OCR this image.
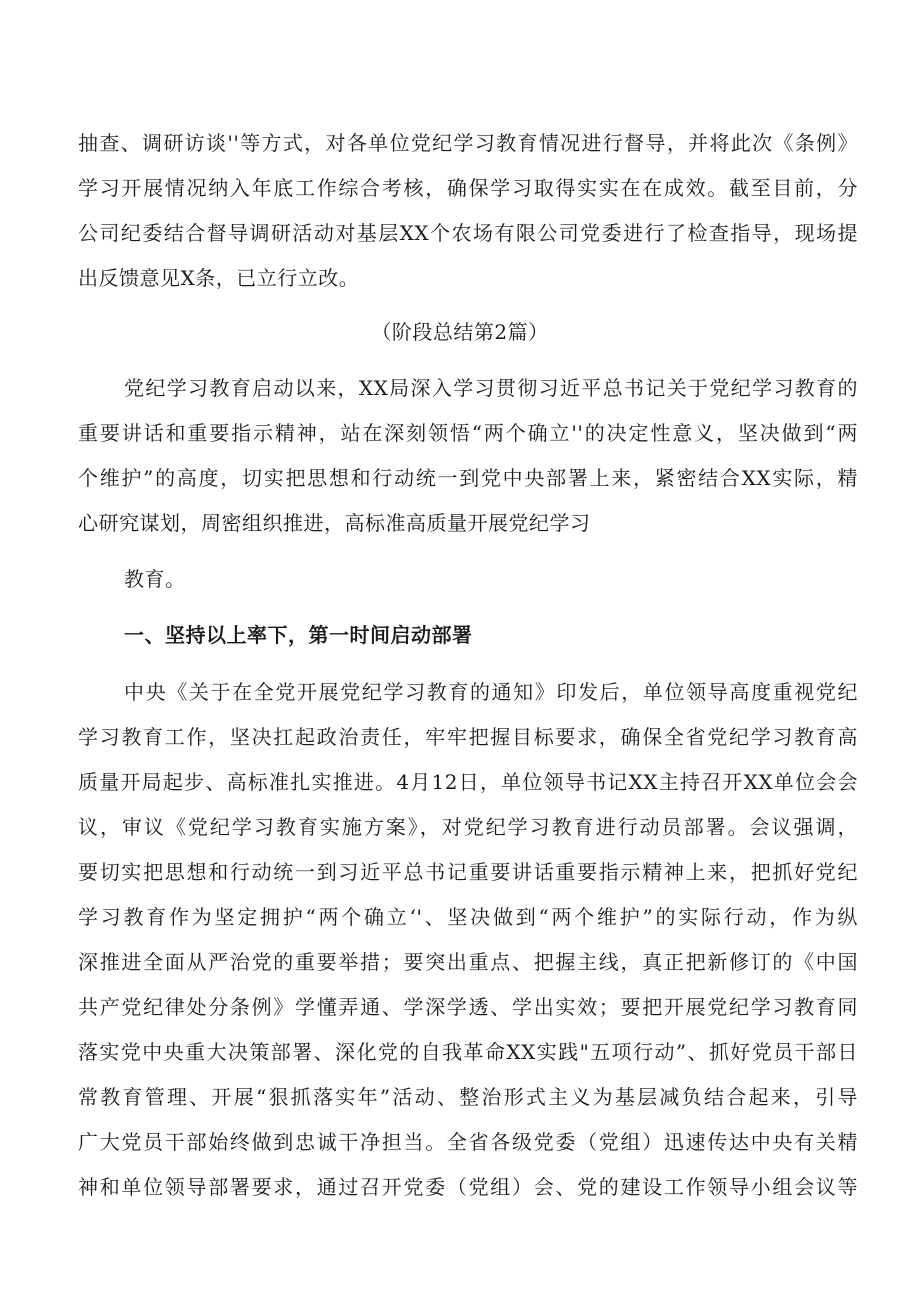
抽查、调研访谈''等方式，对各单位党纪学习教育情况进行督导，并将此次《条例》
学习开展情况纳入年底工作综合考核，确保学习取得实实在在成效。截至目前，分
公司纪委结合督导调研活动对基层XX个农场有限公司党委进行了检查指导，现场提
出反馈意见X条，已立行立改。
（阶段总结第2篇）
党纪学习教育启动以来，XX局深入学习贯彻习近平总书记关于党纪学习教育的
重要讲话和重要指示精神，站在深刻领悟“两个确立''的决定性意义，坚决做到“两
个维护”的高度，切实把思想和行动统一到党中央部署上来，紧密结合XX实际，精
心研究谋划，周密组织推进，高标准高质量开展党纪学习
教育。
一、坚持以上率下，第一时间启动部署
中央《关于在全党开展党纪学习教育的通知》印发后，单位领导高度重视党纪
学习教育工作，坚决扛起政治责任，牢牢把握目标要求，确保全省党纪学习教育高
质量开局起步、高标准扎实推进。4月12日，单位领导书记XX主持召开XX单位会会
议，审议《党纪学习教育实施方案》，对党纪学习教育进行动员部署。会议强调，
要切实把思想和行动统一到习近平总书记重要讲话重要指示精神上来，把抓好党纪
学习教育作为坚定拥护“两个确立‘'、坚决做到“两个维护”的实际行动，作为纵
深推进全面从严治党的重要举措；要突出重点、把握主线，真正把新修订的《中国
共产党纪律处分条例》学懂弄通、学深学透、学出实效；要把开展党纪学习教育同
落实党中央重大决策部署、深化党的自我革命XX实践"五项行动”、抓好党员干部日
常教育管理、开展“狠抓落实年”活动、整治形式主义为基层减负结合起来，引导
广大党员干部始终做到忠诚干净担当。全省各级党委（党组）迅速传达中央有关精
神和单位领导部署要求，通过召开党委（党组）会、党的建设工作领导小组会议等
